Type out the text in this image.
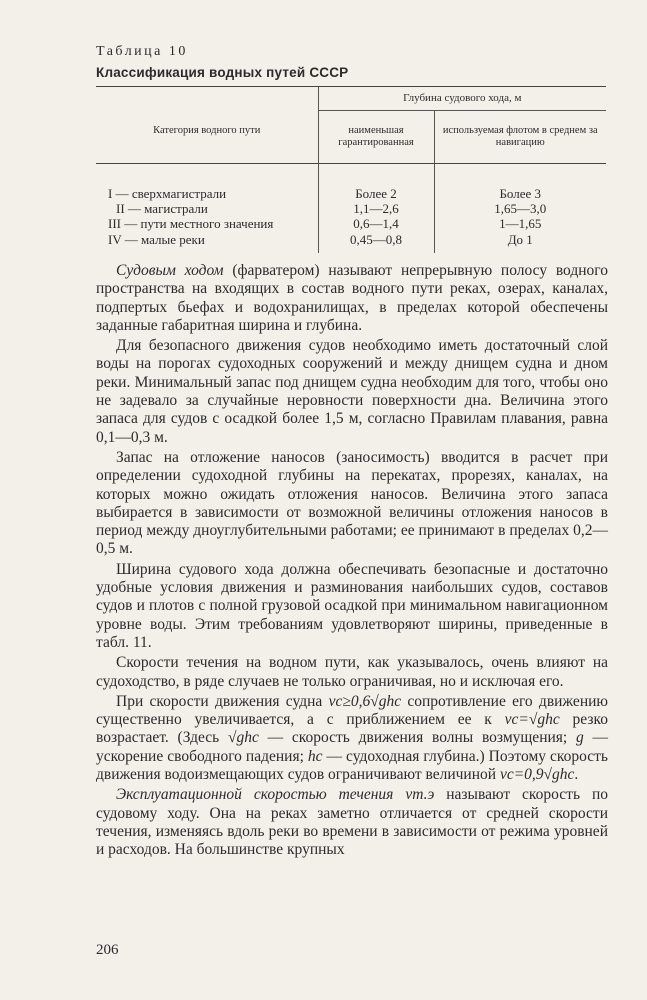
Таблица 10
Классификация водных путей СССР
Категория водного пути	Глубина судового хода, м	
	наименьшая гарантированная	используемая флотом в среднем за навигацию
I — сверхмагистрали	Более 2	Более 3
II — магистрали	1,1—2,6	1,65—3,0
III — пути местного значения	0,6—1,4	1—1,65
IV — малые реки	0,45—0,8	До 1

Судовым ходом (фарватером) называют непрерывную полосу водного пространства на входящих в состав водного пути реках, озерах, каналах, подпертых бьефах и водохранилищах, в пределах которой обеспечены заданные габаритная ширина и глубина.

Для безопасного движения судов необходимо иметь достаточный слой воды на порогах судоходных сооружений и между днищем судна и дном реки. Минимальный запас под днищем судна необходим для того, чтобы оно не задевало за случайные неровности поверхности дна. Величина этого запаса для судов с осадкой более 1,5 м, согласно Правилам плавания, равна 0,1—0,3 м.

Запас на отложение наносов (заносимость) вводится в расчет при определении судоходной глубины на перекатах, прорезях, каналах, на которых можно ожидать отложения наносов. Величина этого запаса выбирается в зависимости от возможной величины отложения наносов в период между дноуглубительными работами; ее принимают в пределах 0,2—0,5 м.

Ширина судового хода должна обеспечивать безопасные и достаточно удобные условия движения и разминования наибольших судов, составов судов и плотов с полной грузовой осадкой при минимальном навигационном уровне воды. Этим требованиям удовлетворяют ширины, приведенные в табл. 11.

Скорости течения на водном пути, как указывалось, очень влияют на судоходство, в ряде случаев не только ограничивая, но и исключая его.

При скорости движения судна vc≥0,6√ghc сопротивление его движению существенно увеличивается, а с приближением ее к vc=√ghc резко возрастает. (Здесь √ghc — скорость движения волны возмущения; g — ускорение свободного падения; hc — судоходная глубина.) Поэтому скорость движения водоизмещающих судов ограничивают величиной vc=0,9√ghc.

Эксплуатационной скоростью течения vт.э называют скорость по судовому ходу. Она на реках заметно отличается от средней скорости течения, изменяясь вдоль реки во времени в зависимости от режима уровней и расходов. На большинстве крупных

206
